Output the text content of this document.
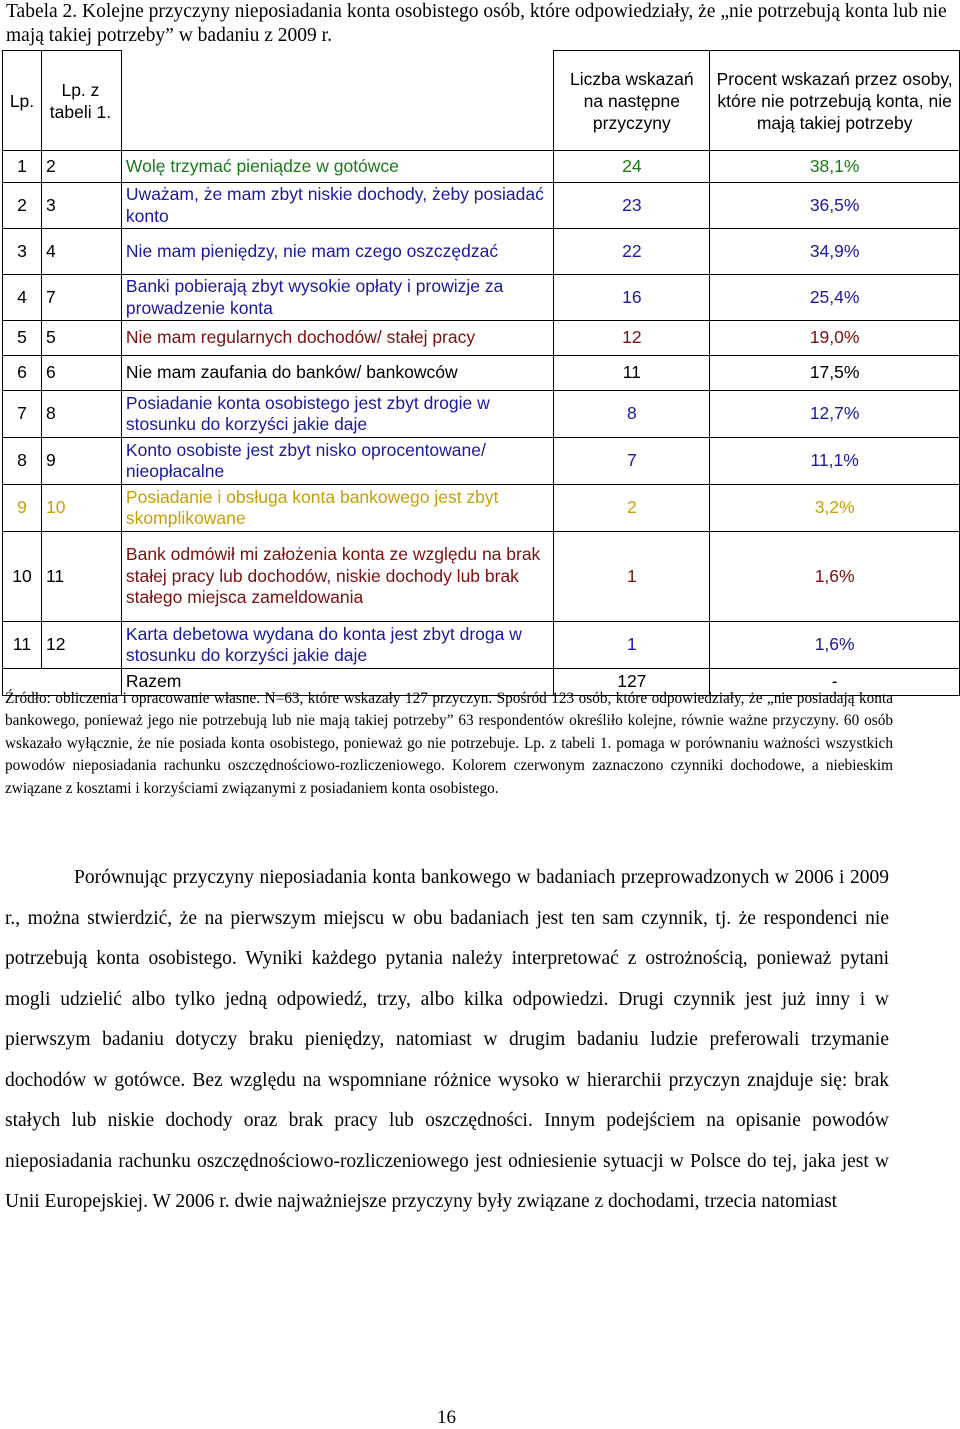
Tabela 2. Kolejne przyczyny nieposiadania konta osobistego osób, które odpowiedziały, że „nie potrzebują konta lub nie mają takiej potrzeby” w badaniu z 2009 r.
Lp.	Lp. z tabeli 1.		Liczba wskazań na następne przyczyny	Procent wskazań przez osoby, które nie potrzebują konta, nie mają takiej potrzeby
1	2	Wolę trzymać pieniądze w gotówce	24	38,1%
2	3	Uważam, że mam zbyt niskie dochody, żeby posiadać konto	23	36,5%
3	4	Nie mam pieniędzy, nie mam czego oszczędzać	22	34,9%
4	7	Banki pobierają zbyt wysokie opłaty i prowizje za prowadzenie konta	16	25,4%
5	5	Nie mam regularnych dochodów/ stałej pracy	12	19,0%
6	6	Nie mam zaufania do banków/ bankowców	11	17,5%
7	8	Posiadanie konta osobistego jest zbyt drogie w stosunku do korzyści jakie daje	8	12,7%
8	9	Konto osobiste jest zbyt nisko oprocentowane/ nieopłacalne	7	11,1%
9	10	Posiadanie i obsługa konta bankowego jest zbyt skomplikowane	2	3,2%
10	11	Bank odmówił mi założenia konta ze względu na brak stałej pracy lub dochodów, niskie dochody lub brak stałego miejsca zameldowania	1	1,6%
11	12	Karta debetowa wydana do konta jest zbyt droga w stosunku do korzyści jakie daje	1	1,6%
		Razem	127	-
Źródło: obliczenia i opracowanie własne. N=63, które wskazały 127 przyczyn. Spośród 123 osób, które odpowiedziały, że „nie posiadają konta bankowego, ponieważ jego nie potrzebują lub nie mają takiej potrzeby” 63 respondentów określiło kolejne, równie ważne przyczyny. 60 osób wskazało wyłącznie, że nie posiada konta osobistego, ponieważ go nie potrzebuje. Lp. z tabeli 1. pomaga w porównaniu ważności wszystkich powodów nieposiadania rachunku oszczędnościowo-rozliczeniowego. Kolorem czerwonym zaznaczono czynniki dochodowe, a niebieskim związane z kosztami i korzyściami związanymi z posiadaniem konta osobistego.
Porównując przyczyny nieposiadania konta bankowego w badaniach przeprowadzonych w 2006 i 2009 r., można stwierdzić, że na pierwszym miejscu w obu badaniach jest ten sam czynnik, tj. że respondenci nie potrzebują konta osobistego. Wyniki każdego pytania należy interpretować z ostrożnością, ponieważ pytani mogli udzielić albo tylko jedną odpowiedź, trzy, albo kilka odpowiedzi. Drugi czynnik jest już inny i w pierwszym badaniu dotyczy braku pieniędzy, natomiast w drugim badaniu ludzie preferowali trzymanie dochodów w gotówce. Bez względu na wspomniane różnice wysoko w hierarchii przyczyn znajduje się: brak stałych lub niskie dochody oraz brak pracy lub oszczędności. Innym podejściem na opisanie powodów nieposiadania rachunku oszczędnościowo-rozliczeniowego jest odniesienie sytuacji w Polsce do tej, jaka jest w Unii Europejskiej. W 2006 r. dwie najważniejsze przyczyny były związane z dochodami, trzecia natomiast
16
